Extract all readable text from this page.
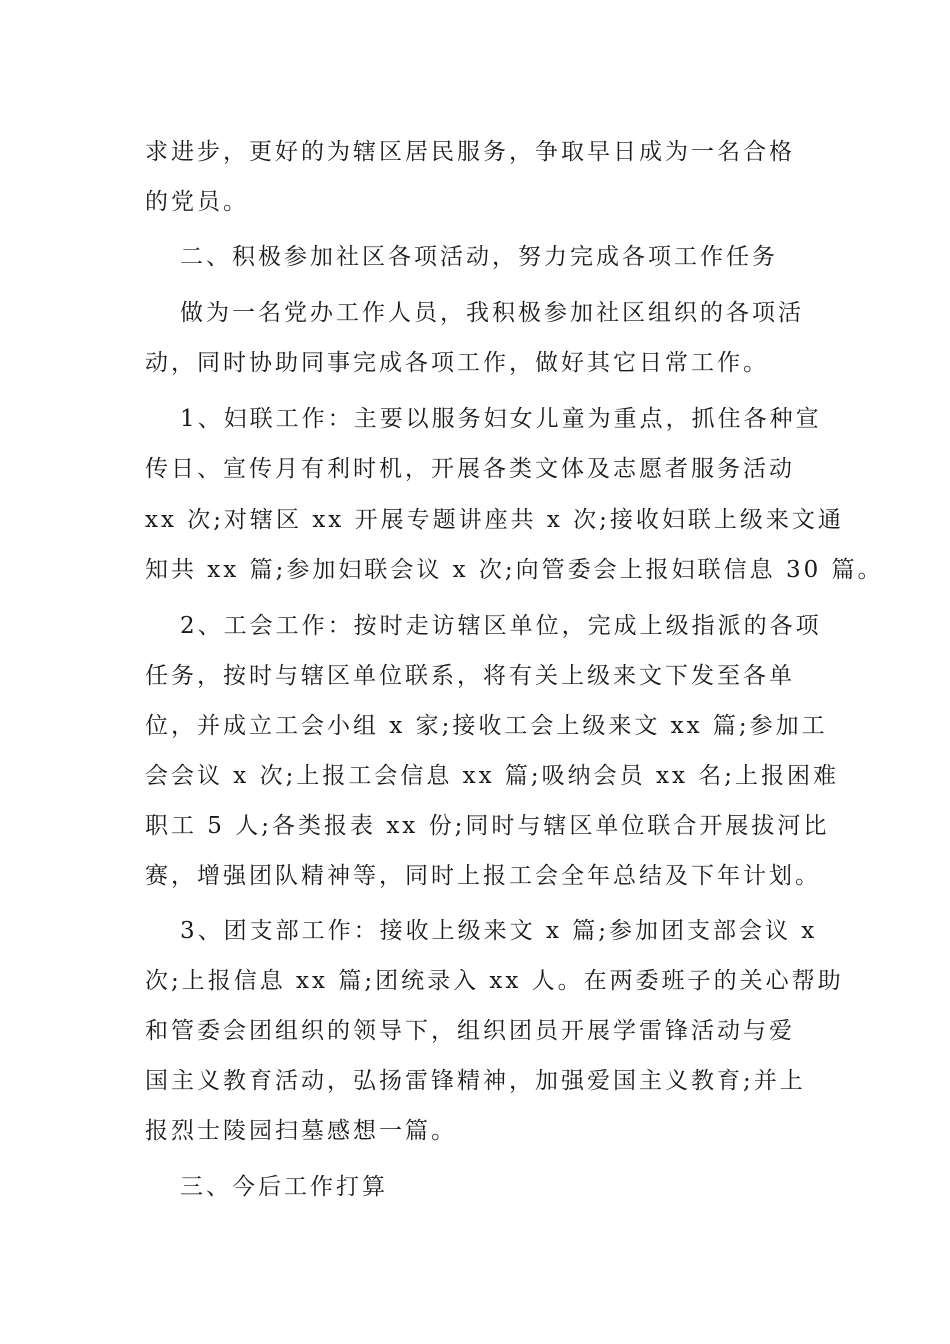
求进步，更好的为辖区居民服务，争取早日成为一名合格
的党员。
二、积极参加社区各项活动，努力完成各项工作任务
做为一名党办工作人员，我积极参加社区组织的各项活
动，同时协助同事完成各项工作，做好其它日常工作。
1、妇联工作：主要以服务妇女儿童为重点，抓住各种宣
传日、宣传月有利时机，开展各类文体及志愿者服务活动
xx 次;对辖区 xx 开展专题讲座共 x 次;接收妇联上级来文通
知共 xx 篇;参加妇联会议 x 次;向管委会上报妇联信息 30 篇。
2、工会工作：按时走访辖区单位，完成上级指派的各项
任务，按时与辖区单位联系，将有关上级来文下发至各单
位，并成立工会小组 x 家;接收工会上级来文 xx 篇;参加工
会会议 x 次;上报工会信息 xx 篇;吸纳会员 xx 名;上报困难
职工 5 人;各类报表 xx 份;同时与辖区单位联合开展拔河比
赛，增强团队精神等，同时上报工会全年总结及下年计划。
3、团支部工作：接收上级来文 x 篇;参加团支部会议 x
次;上报信息 xx 篇;团统录入 xx 人。在两委班子的关心帮助
和管委会团组织的领导下，组织团员开展学雷锋活动与爱
国主义教育活动，弘扬雷锋精神，加强爱国主义教育;并上
报烈士陵园扫墓感想一篇。
三、今后工作打算
